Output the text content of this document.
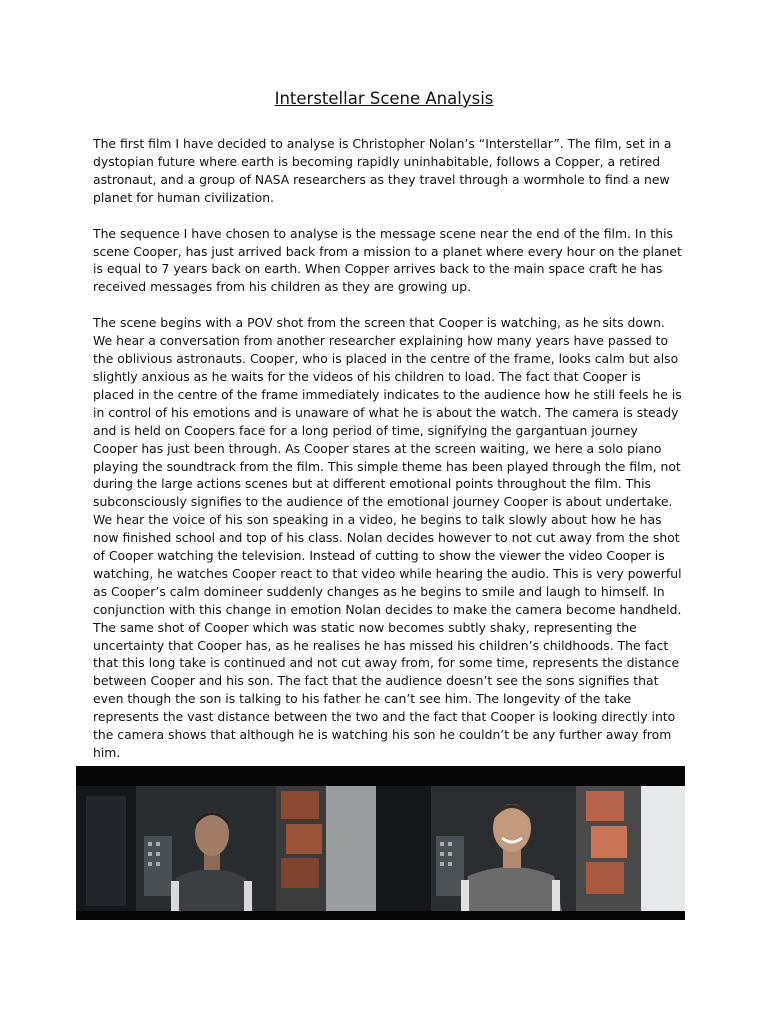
Interstellar Scene Analysis

The first film I have decided to analyse is Christopher Nolan’s “Interstellar”. The film, set in a dystopian future where earth is becoming rapidly uninhabitable, follows a Copper, a retired astronaut, and a group of NASA researchers as they travel through a wormhole to find a new planet for human civilization.

The sequence I have chosen to analyse is the message scene near the end of the film. In this scene Cooper, has just arrived back from a mission to a planet where every hour on the planet is equal to 7 years back on earth. When Copper arrives back to the main space craft he has received messages from his children as they are growing up.

The scene begins with a POV shot from the screen that Cooper is watching, as he sits down. We hear a conversation from another researcher explaining how many years have passed to the oblivious astronauts. Cooper, who is placed in the centre of the frame, looks calm but also slightly anxious as he waits for the videos of his children to load. The fact that Cooper is placed in the centre of the frame immediately indicates to the audience how he still feels he is in control of his emotions and is unaware of what he is about the watch. The camera is steady and is held on Coopers face for a long period of time, signifying the gargantuan journey Cooper has just been through. As Cooper stares at the screen waiting, we here a solo piano playing the soundtrack from the film. This simple theme has been played through the film, not during the large actions scenes but at different emotional points throughout the film. This subconsciously signifies to the audience of the emotional journey Cooper is about undertake. We hear the voice of his son speaking in a video, he begins to talk slowly about how he has now finished school and top of his class. Nolan decides however to not cut away from the shot of Cooper watching the television. Instead of cutting to show the viewer the video Cooper is watching, he watches Cooper react to that video while hearing the audio. This is very powerful as Cooper’s calm domineer suddenly changes as he begins to smile and laugh to himself. In conjunction with this change in emotion Nolan decides to make the camera become handheld. The same shot of Cooper which was static now becomes subtly shaky, representing the uncertainty that Cooper has, as he realises he has missed his children’s childhoods. The fact that this long take is continued and not cut away from, for some time, represents the distance between Cooper and his son. The fact that the audience doesn’t see the sons signifies that even though the son is talking to his father he can’t see him. The longevity of the take represents the vast distance between the two and the fact that Cooper is looking directly into the camera shows that although he is watching his son he couldn’t be any further away from him.
